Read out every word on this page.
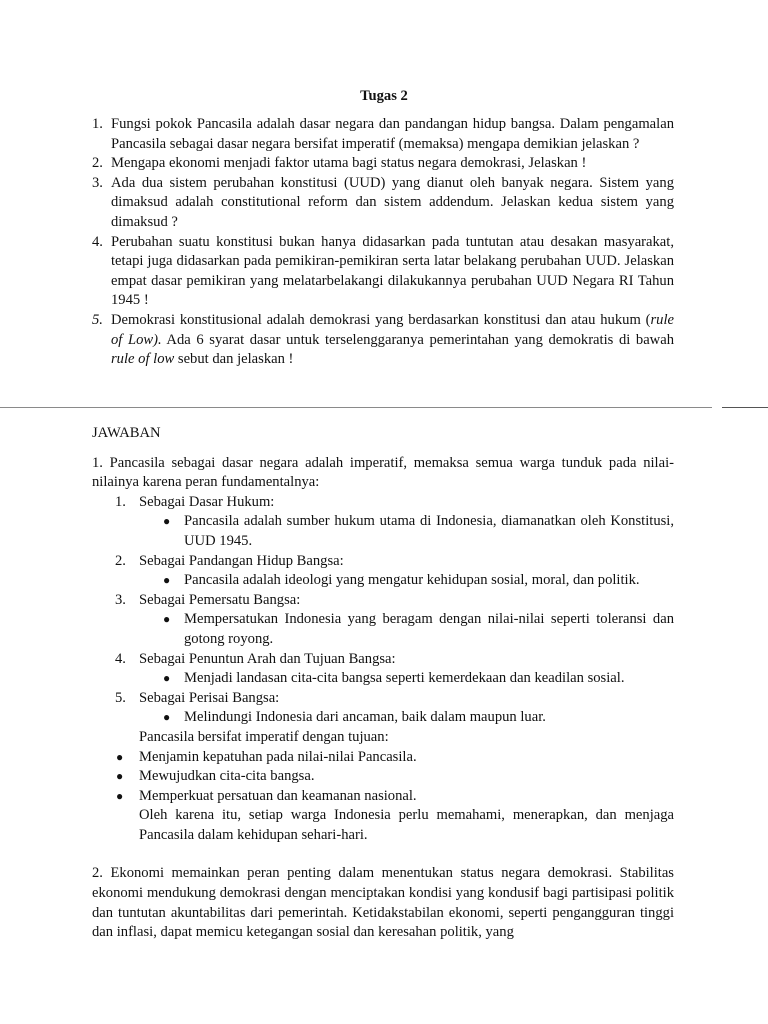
Tugas 2
1. Fungsi pokok Pancasila adalah dasar negara dan pandangan hidup bangsa. Dalam pengamalan Pancasila sebagai dasar negara bersifat imperatif (memaksa) mengapa demikian jelaskan ?
2. Mengapa ekonomi menjadi faktor utama bagi status negara demokrasi, Jelaskan !
3. Ada dua sistem perubahan konstitusi (UUD) yang dianut oleh banyak negara. Sistem yang dimaksud adalah constitutional reform dan sistem addendum. Jelaskan kedua sistem yang dimaksud ?
4. Perubahan suatu konstitusi bukan hanya didasarkan pada tuntutan atau desakan masyarakat, tetapi juga didasarkan pada pemikiran-pemikiran serta latar belakang perubahan UUD. Jelaskan empat dasar pemikiran yang melatarbelakangi dilakukannya perubahan UUD Negara RI Tahun 1945 !
5. Demokrasi konstitusional adalah demokrasi yang berdasarkan konstitusi dan atau hukum (rule of Low). Ada 6 syarat dasar untuk terselenggaranya pemerintahan yang demokratis di bawah rule of low sebut dan jelaskan !

JAWABAN

1. Pancasila sebagai dasar negara adalah imperatif, memaksa semua warga tunduk pada nilai-nilainya karena peran fundamentalnya:

1. Sebagai Dasar Hukum:
● Pancasila adalah sumber hukum utama di Indonesia, diamanatkan oleh Konstitusi, UUD 1945.
2. Sebagai Pandangan Hidup Bangsa:
● Pancasila adalah ideologi yang mengatur kehidupan sosial, moral, dan politik.
3. Sebagai Pemersatu Bangsa:
● Mempersatukan Indonesia yang beragam dengan nilai-nilai seperti toleransi dan gotong royong.
4. Sebagai Penuntun Arah dan Tujuan Bangsa:
● Menjadi landasan cita-cita bangsa seperti kemerdekaan dan keadilan sosial.
5. Sebagai Perisai Bangsa:
● Melindungi Indonesia dari ancaman, baik dalam maupun luar.
Pancasila bersifat imperatif dengan tujuan:
● Menjamin kepatuhan pada nilai-nilai Pancasila.
● Mewujudkan cita-cita bangsa.
● Memperkuat persatuan dan keamanan nasional.

Oleh karena itu, setiap warga Indonesia perlu memahami, menerapkan, dan menjaga Pancasila dalam kehidupan sehari-hari.

2. Ekonomi memainkan peran penting dalam menentukan status negara demokrasi. Stabilitas ekonomi mendukung demokrasi dengan menciptakan kondisi yang kondusif bagi partisipasi politik dan tuntutan akuntabilitas dari pemerintah. Ketidakstabilan ekonomi, seperti pengangguran tinggi dan inflasi, dapat memicu ketegangan sosial dan keresahan politik, yang
